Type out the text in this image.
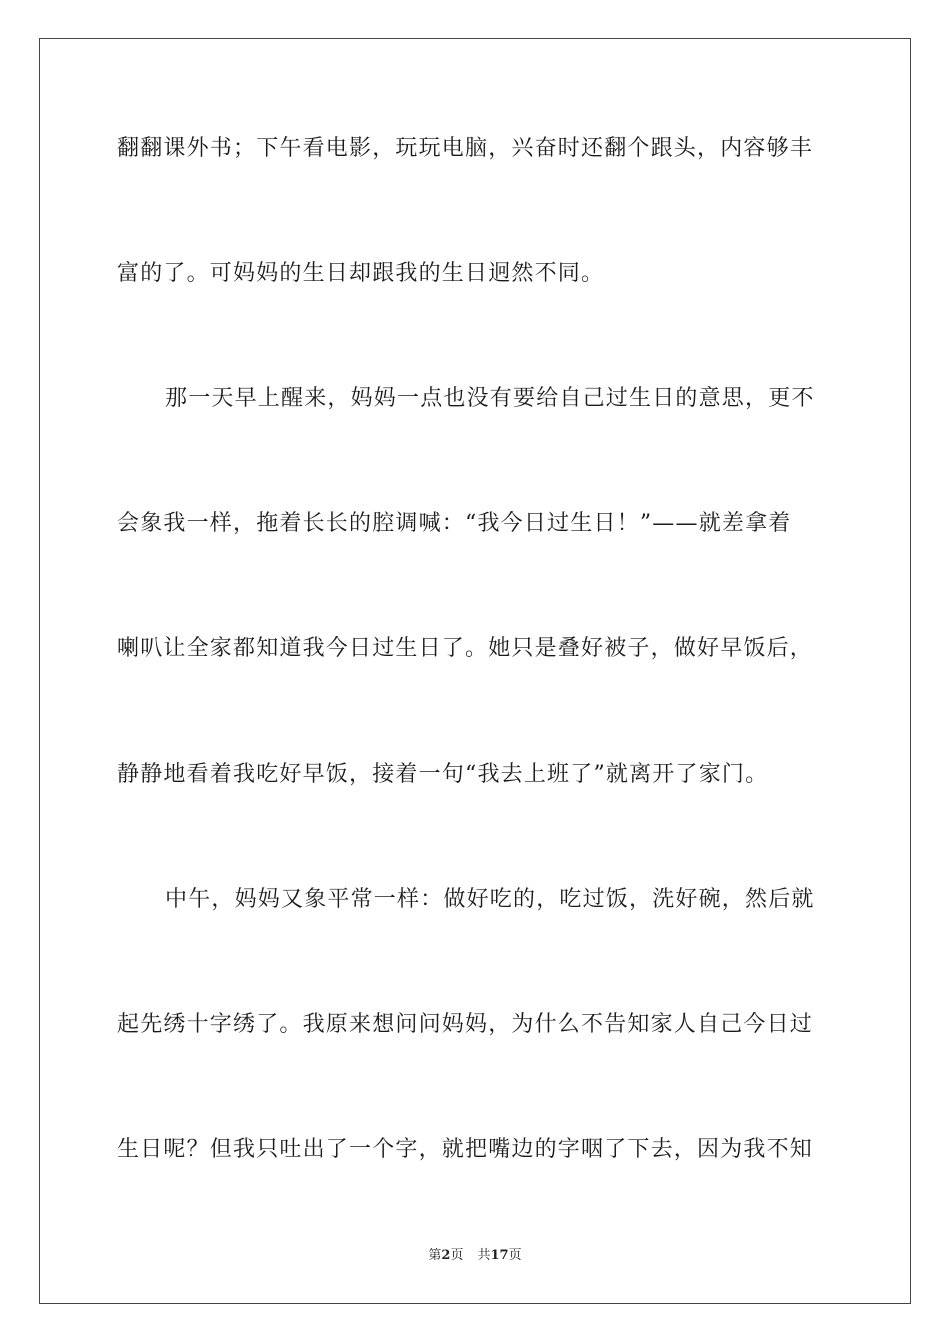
翻翻课外书；下午看电影，玩玩电脑，兴奋时还翻个跟头，内容够丰
富的了。可妈妈的生日却跟我的生日迥然不同。
那一天早上醒来，妈妈一点也没有要给自己过生日的意思，更不
会象我一样，拖着长长的腔调喊：“我今日过生日！”——就差拿着
喇叭让全家都知道我今日过生日了。她只是叠好被子，做好早饭后，
静静地看着我吃好早饭，接着一句“我去上班了”就离开了家门。
中午，妈妈又象平常一样：做好吃的，吃过饭，洗好碗，然后就
起先绣十字绣了。我原来想问问妈妈，为什么不告知家人自己今日过
生日呢？但我只吐出了一个字，就把嘴边的字咽了下去，因为我不知
第2页 共17页
